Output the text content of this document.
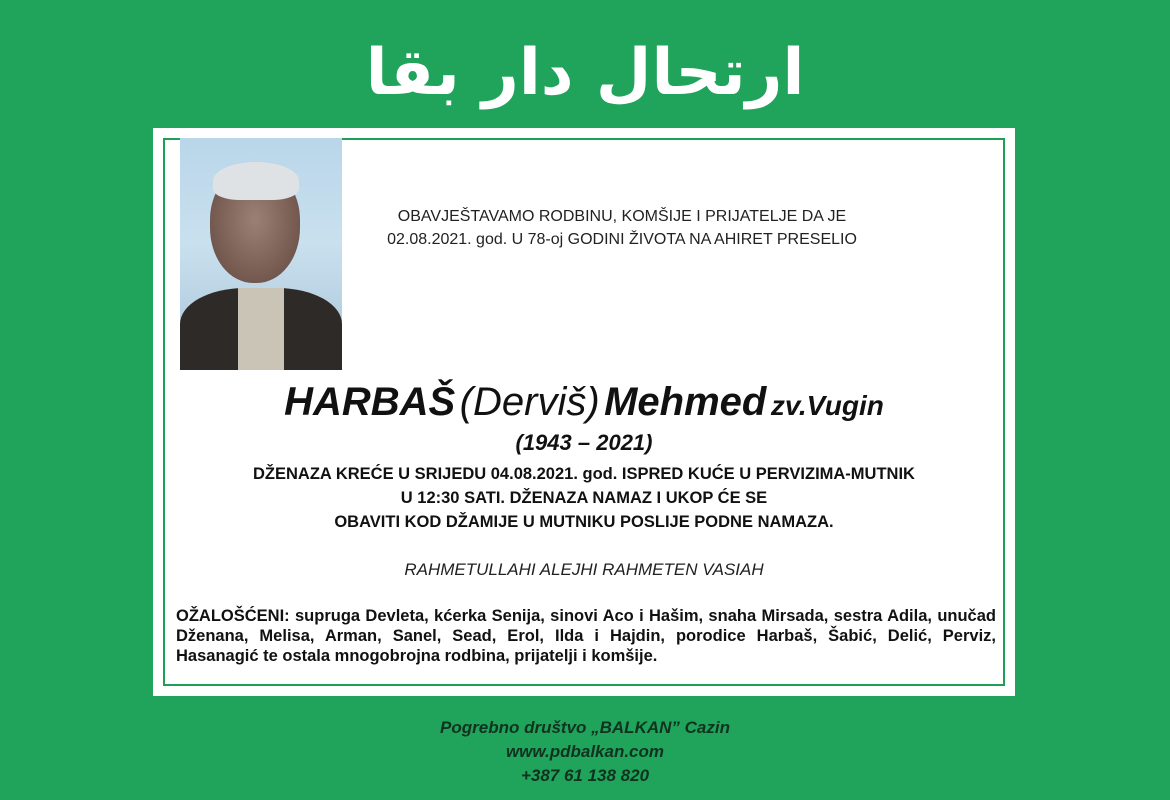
ارتحال دار بقا
OBAVJEŠTAVAMO RODBINU, KOMŠIJE I PRIJATELJE DA JE
02.08.2021. god. U 78-oj GODINI ŽIVOTA NA AHIRET PRESELIO
HARBAŠ (Derviš) Mehmed zv.Vugin
(1943 – 2021)
DŽENAZA KREĆE U SRIJEDU 04.08.2021. god. ISPRED KUĆE U PERVIZIMA-MUTNIK
U 12:30 SATI. DŽENAZA NAMAZ I UKOP ĆE SE
OBAVITI KOD DŽAMIJE U MUTNIKU POSLIJE PODNE NAMAZA.
RAHMETULLAHI ALEJHI RAHMETEN VASIAH
OŽALOŠĆENI: supruga Devleta, kćerka Senija, sinovi Aco i Hašim, snaha Mirsada, sestra Adila, unučad Dženana, Melisa, Arman, Sanel, Sead, Erol, Ilda i Hajdin, porodice Harbaš, Šabić, Delić, Perviz, Hasanagić te ostala mnogobrojna rodbina, prijatelji i komšije.
Pogrebno društvo „BALKAN” Cazin
www.pdbalkan.com
+387 61 138 820
